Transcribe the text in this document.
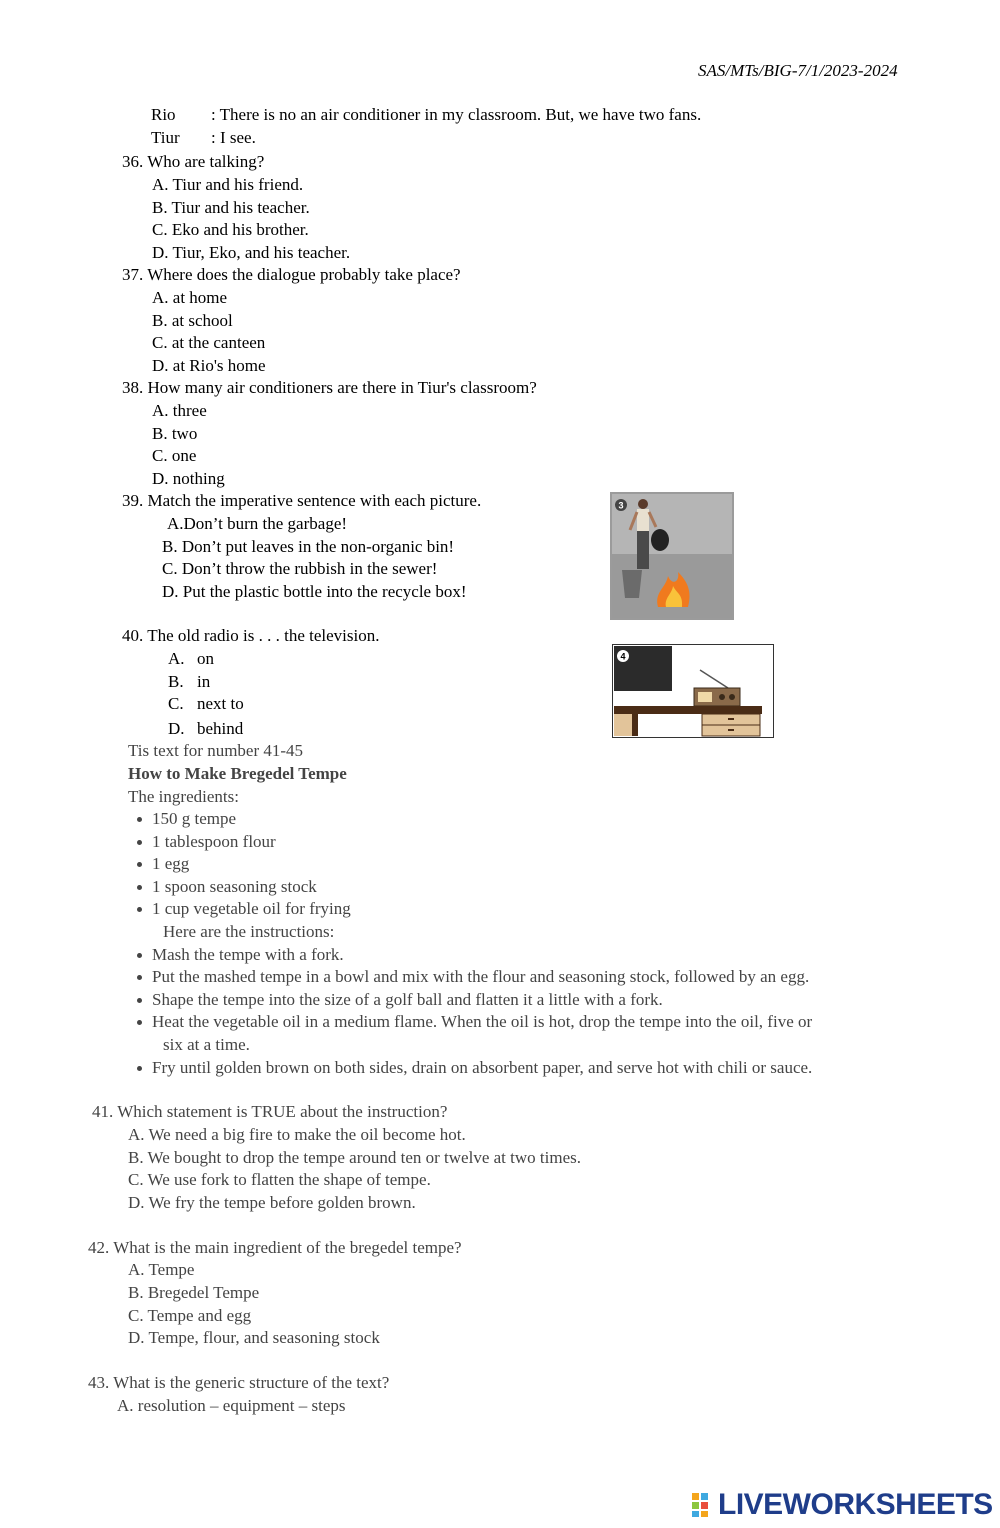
SAS/MTs/BIG-7/1/2023-2024
Rio : There is no an air conditioner in my classroom. But, we have two fans.
Tiur : I see.
36. Who are talking?
A. Tiur and his friend.
B. Tiur and his teacher.
C. Eko and his brother.
D. Tiur, Eko, and his teacher.
37. Where does the dialogue probably take place?
A. at home
B. at school
C. at the canteen
D. at Rio's home
38. How many air conditioners are there in Tiur's classroom?
A. three
B. two
C. one
D. nothing
39. Match the imperative sentence with each picture.
A.Don’t burn the garbage!
B. Don’t put leaves in the non-organic bin!
C. Don’t throw the rubbish in the sewer!
D. Put the plastic bottle into the recycle box!
3
40. The old radio is . . . the television.
A. on
B. in
C. next to
D. behind
4
Tis text for number 41-45
How to Make Bregedel Tempe
The ingredients:
150 g tempe
1 tablespoon flour
1 egg
1 spoon seasoning stock
1 cup vegetable oil for frying
Here are the instructions:
Mash the tempe with a fork.
Put the mashed tempe in a bowl and mix with the flour and seasoning stock, followed by an egg.
Shape the tempe into the size of a golf ball and flatten it a little with a fork.
Heat the vegetable oil in a medium flame. When the oil is hot, drop the tempe into the oil, five or
six at a time.
Fry until golden brown on both sides, drain on absorbent paper, and serve hot with chili or sauce.
41. Which statement is TRUE about the instruction?
A. We need a big fire to make the oil become hot.
B. We bought to drop the tempe around ten or twelve at two times.
C. We use fork to flatten the shape of tempe.
D. We fry the tempe before golden brown.
42. What is the main ingredient of the bregedel tempe?
A. Tempe
B. Bregedel Tempe
C. Tempe and egg
D. Tempe, flour, and seasoning stock
43. What is the generic structure of the text?
A. resolution – equipment – steps
LIVEWORKSHEETS
